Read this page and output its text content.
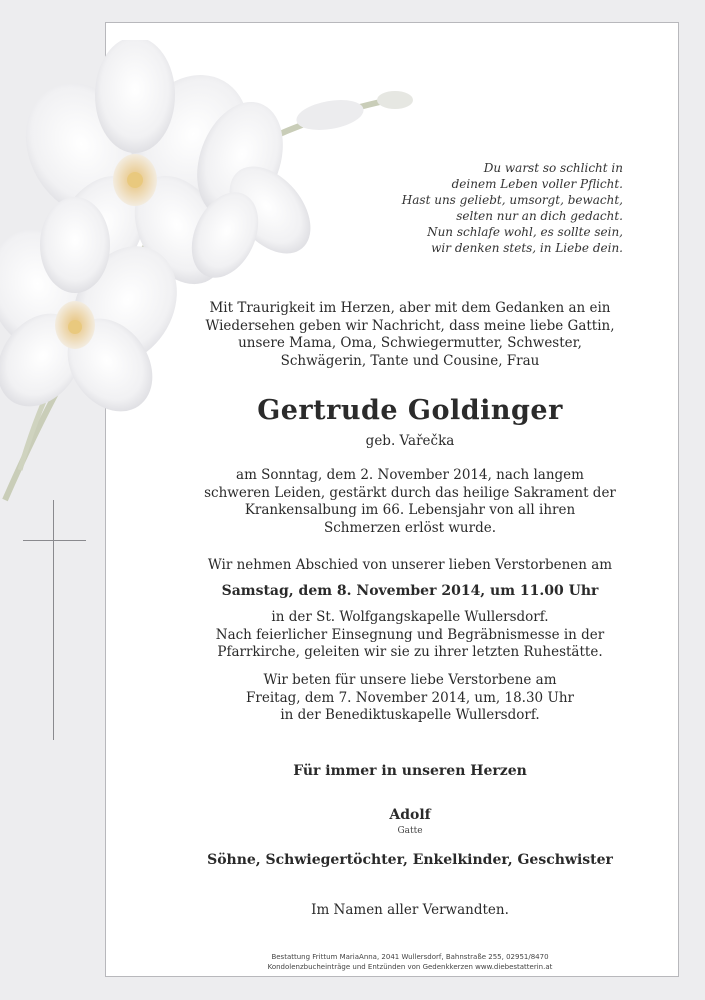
Du warst so schlicht in
deinem Leben voller Pflicht.
Hast uns geliebt, umsorgt, bewacht,
selten nur an dich gedacht.
Nun schlafe wohl, es sollte sein,
wir denken stets, in Liebe dein.
Mit Traurigkeit im Herzen, aber mit dem Gedanken an ein
Wiedersehen geben wir Nachricht, dass meine liebe Gattin,
unsere Mama, Oma, Schwiegermutter, Schwester,
Schwägerin, Tante und Cousine, Frau
Gertrude Goldinger
geb. Vařečka
am Sonntag, dem 2. November 2014, nach langem
schweren Leiden, gestärkt durch das heilige Sakrament der
Krankensalbung im 66. Lebensjahr von all ihren
Schmerzen erlöst wurde.
Wir nehmen Abschied von unserer lieben Verstorbenen am
Samstag, dem 8. November 2014, um 11.00 Uhr
in der St. Wolfgangskapelle Wullersdorf.
Nach feierlicher Einsegnung und Begräbnismesse in der
Pfarrkirche, geleiten wir sie zu ihrer letzten Ruhestätte.
Wir beten für unsere liebe Verstorbene am
Freitag, dem 7. November 2014, um, 18.30 Uhr
in der Benediktuskapelle Wullersdorf.
Für immer in unseren Herzen
Adolf
Gatte
Söhne, Schwiegertöchter, Enkelkinder, Geschwister
Im Namen aller Verwandten.
Bestattung Frittum MariaAnna, 2041 Wullersdorf, Bahnstraße 255, 02951/8470
Kondolenzbucheinträge und Entzünden von Gedenkkerzen www.diebestatterin.at
